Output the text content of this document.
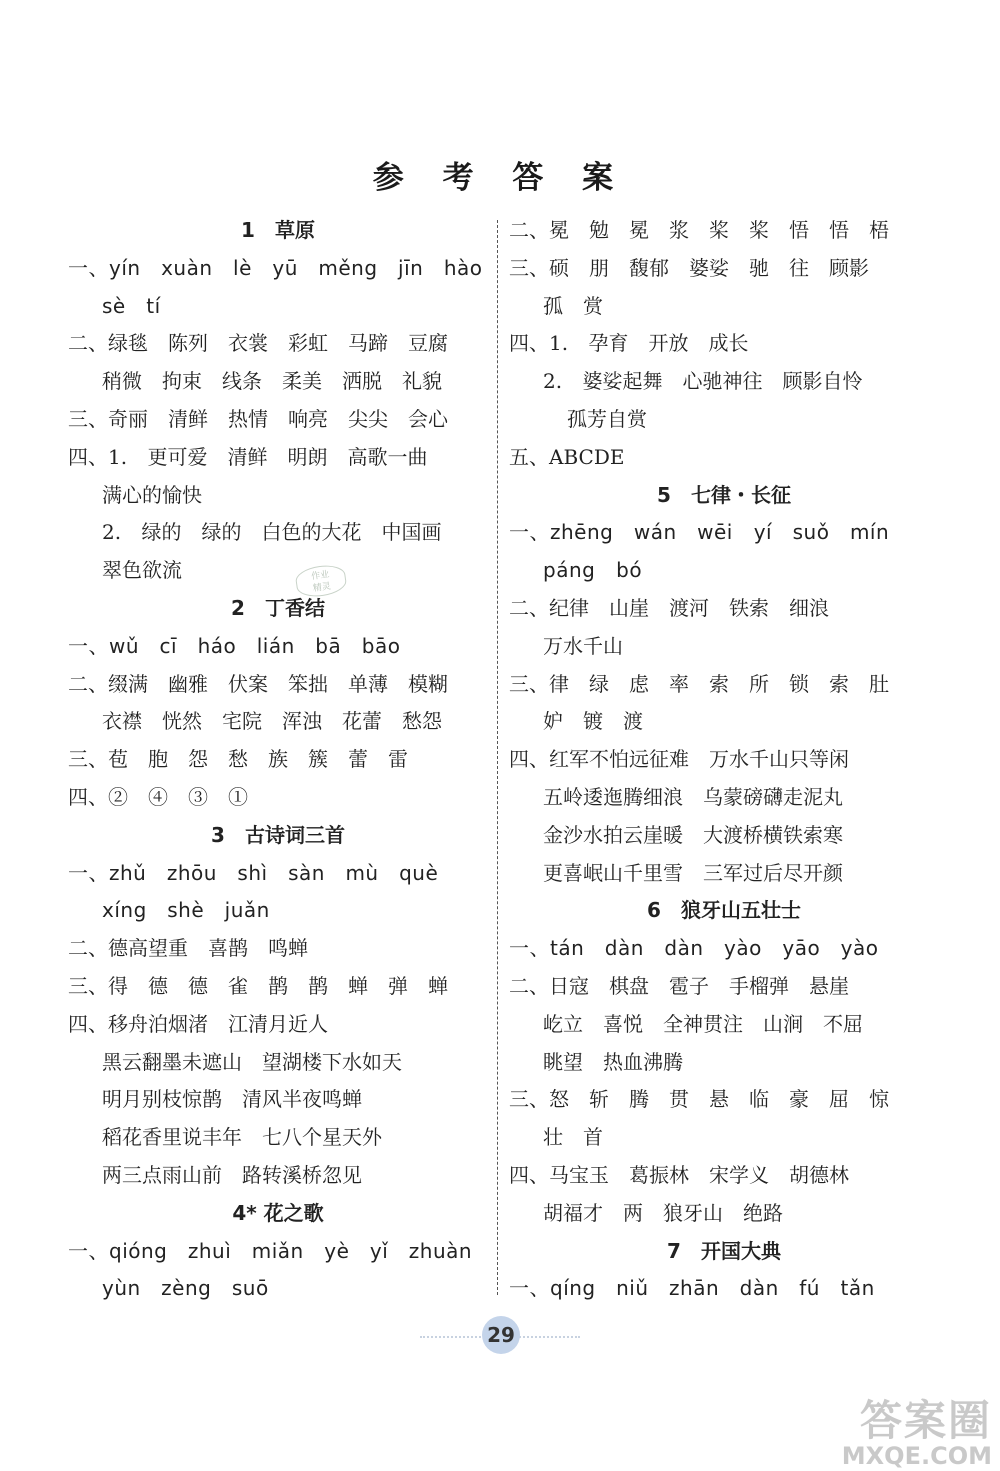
参 考 答 案
1　草原
一、yín　xuàn　lè　yū　měng　jīn　hào
sè　tí
二、绿毯　陈列　衣裳　彩虹　马蹄　豆腐
稍微　拘束　线条　柔美　洒脱　礼貌
三、奇丽　清鲜　热情　响亮　尖尖　会心
四、1. 更可爱　清鲜　明朗　高歌一曲
满心的愉快
2. 绿的　绿的　白色的大花　中国画
翠色欲流
2　丁香结
一、wǔ　cī　háo　lián　bā　bāo
二、缀满　幽雅　伏案　笨拙　单薄　模糊
衣襟　恍然　宅院　浑浊　花蕾　愁怨
三、苞　胞　怨　愁　族　簇　蕾　雷
四、②　④　③　①
3　古诗词三首
一、zhǔ　zhōu　shì　sàn　mù　què
xíng　shè　juǎn
二、德高望重　喜鹊　鸣蝉
三、得　德　德　雀　鹊　鹊　蝉　弹　蝉
四、移舟泊烟渚　江清月近人
黑云翻墨未遮山　望湖楼下水如天
明月别枝惊鹊　清风半夜鸣蝉
稻花香里说丰年　七八个星天外
两三点雨山前　路转溪桥忽见
4* 花之歌
一、qióng　zhuì　miǎn　yè　yǐ　zhuàn
yùn　zèng　suō
二、冕　勉　冕　浆　桨　桨　悟　悟　梧
三、硕　朋　馥郁　婆娑　驰　往　顾影
孤　赏
四、1. 孕育　开放　成长
2. 婆娑起舞　心驰神往　顾影自怜
孤芳自赏
五、ABCDE
5　七律・长征
一、zhēng　wán　wēi yí　suǒ　mín
páng bó
二、纪律　山崖　渡河　铁索　细浪
万水千山
三、律　绿　虑　率　索　所　锁　索　肚
妒　镀　渡
四、红军不怕远征难　万水千山只等闲
五岭逶迤腾细浪　乌蒙磅礴走泥丸
金沙水拍云崖暖　大渡桥横铁索寒
更喜岷山千里雪　三军过后尽开颜
6　狼牙山五壮士
一、tán　dàn　dàn　yào　yāo　yào
二、日寇　棋盘　雹子　手榴弹　悬崖
屹立　喜悦　全神贯注　山涧　不屈
眺望　热血沸腾
三、怒　斩　腾　贯　悬　临　豪　屈　惊
壮　首
四、马宝玉　葛振林　宋学义　胡德林
胡福才　两　狼牙山　绝路
7　开国大典
一、qíng　niǔ　zhān　dàn　fú　tǎn
作业
精灵
29
答案圈
MXQE.COM
